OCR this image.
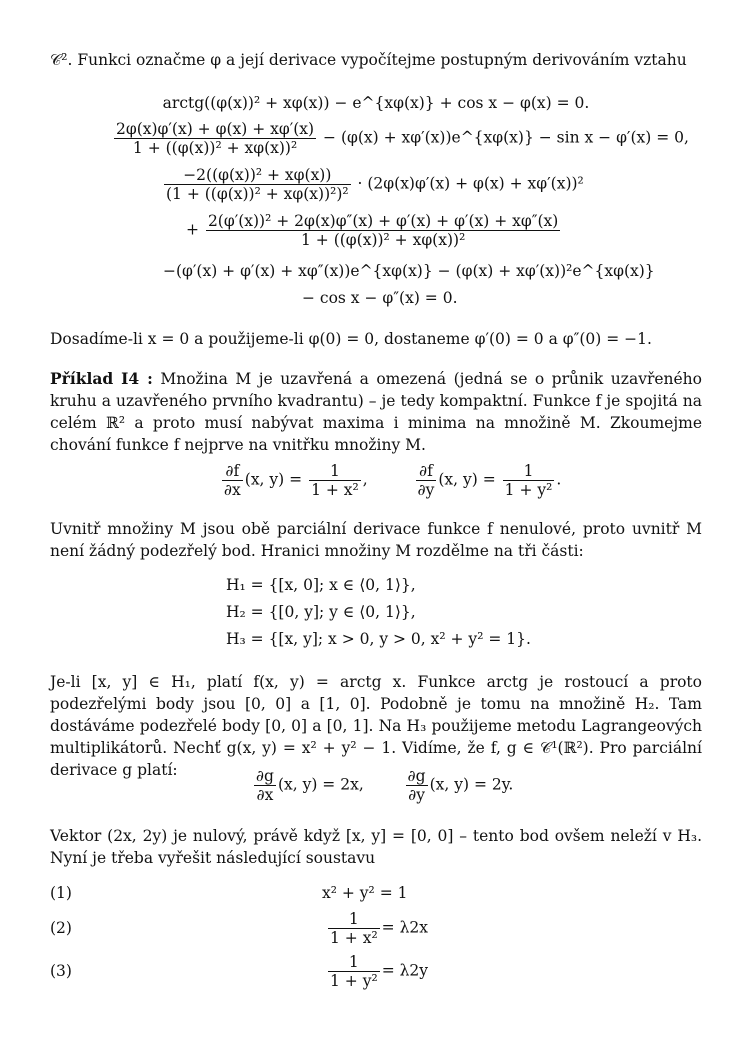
𝒞². Funkci označme φ a její derivace vypočítejme postupným derivováním vztahu

arctg((φ(x))² + xφ(x)) − e^{xφ(x)} + cos x − φ(x) = 0.
$\frac{2\varphi(x)\varphi'(x) + \varphi(x) + x\varphi'(x)}{\text{1 + ((φ(x))² + xφ(x))²}} - (\varphi(x)$ + xφ′(x))e^{xφ(x)} − sin x − φ′(x) = 0,
$\frac{\text{−2((φ(x))² + xφ(x))}}{\text{(1 + ((φ(x))² + xφ(x))²)²}} \cdot (2\varphi(x)\varphi'(x) + \varphi(x) + x\varphi'(x))^2$
+ $\frac{\text{2(φ′(x))² + 2φ(x)φ″(x) + φ′(x) + φ′(x) + xφ″(x)}}{\text{1 + ((φ(x))² + xφ(x))²}}$
−(φ′(x) + φ′(x) + xφ″(x))e^{xφ(x)} − (φ(x) + xφ′(x))²e^{xφ(x)}
− cos x − φ″(x) = 0.

Dosadíme-li x = 0 a použijeme-li φ(0) = 0, dostaneme φ′(0) = 0 a φ″(0) = −1.

Příklad I4 : Množina M je uzavřená a omezená (jedná se o průnik uzavřeného kruhu a uzavřeného prvního kvadrantu) – je tedy kompaktní. Funkce f je spojitá na celém ℝ² a proto musí nabývat maxima i minima na množině M. Zkoumejme chování funkce f nejprve na vnitřku množiny M.

$\frac{\partial f}{\partial x} (x$, $y) = \frac{1}{\text{1 + x²}}$ ,	$\frac{\partial f}{\partial y} (x$, $y) = \frac{1}{\text{1 + y²}}$ .

Uvnitř množiny M jsou obě parciální derivace funkce f nenulové, proto uvnitř M není žádný podezřelý bod. Hranici množiny M rozdělme na tři části:

H₁ = {[x, 0]; x ∈ ⟨0, 1⟩},
H₂ = {[0, y]; y ∈ ⟨0, 1⟩},
H₃ = {[x, y]; x > 0, y > 0, x² + y² = 1}.

Je-li [x, y] ∈ H₁, platí f(x, y) = arctg x. Funkce arctg je rostoucí a proto podezřelými body jsou [0, 0] a [1, 0]. Podobně je tomu na množině H₂. Tam dostáváme podezřelé body [0, 0] a [0, 1]. Na H₃ použijeme metodu Lagrangeových multiplikátorů. Nechť g(x, y) = x² + y² − 1. Vidíme, že f, g ∈ 𝒞¹(ℝ²). Pro parciální derivace g platí:	$\frac{\partial g}{\partial x} (x$, y) = 2x,	$\frac{\partial g}{\partial y} (x$, y) = 2y.

Vektor (2x, 2y) je nulový, právě když [x, y] = [0, 0] – tento bod ovšem neleží v H₃. Nyní je třeba vyřešit následující soustavu

(1)	x² + y² = 1
(2)	$\frac{1}{\text{1 + x²}} = \lambda 2x$
(3)	$\frac{1}{\text{1 + y²}} = \lambda 2y$
